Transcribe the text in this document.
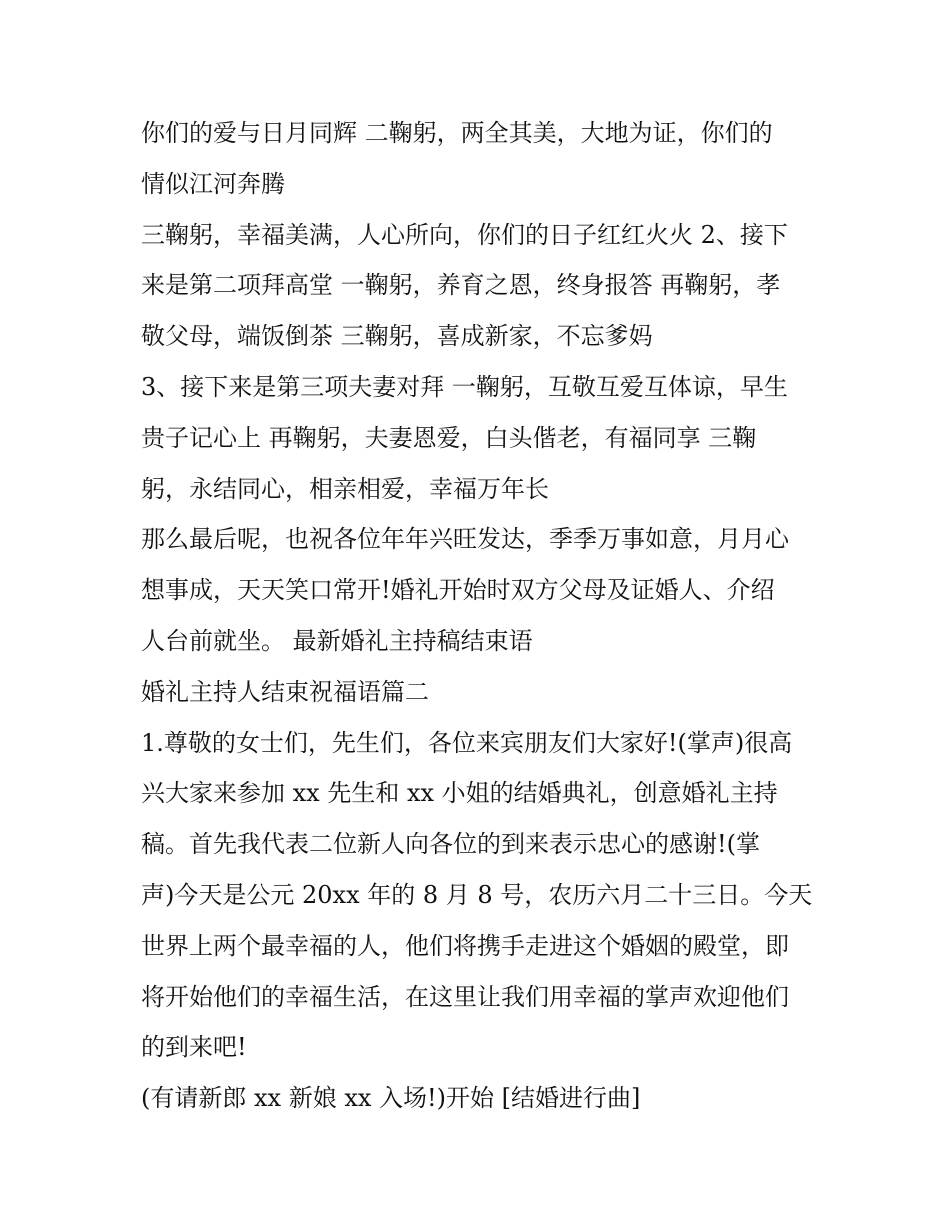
你们的爱与日月同辉 二鞠躬，两全其美，大地为证，你们的
情似江河奔腾
三鞠躬，幸福美满，人心所向，你们的日子红红火火 2、接下
来是第二项拜高堂 一鞠躬，养育之恩，终身报答 再鞠躬，孝
敬父母，端饭倒茶 三鞠躬，喜成新家，不忘爹妈
3、接下来是第三项夫妻对拜 一鞠躬，互敬互爱互体谅，早生
贵子记心上 再鞠躬，夫妻恩爱，白头偕老，有福同享 三鞠
躬，永结同心，相亲相爱，幸福万年长
那么最后呢，也祝各位年年兴旺发达，季季万事如意，月月心
想事成，天天笑口常开!婚礼开始时双方父母及证婚人、介绍
人台前就坐。 最新婚礼主持稿结束语
婚礼主持人结束祝福语篇二
1.尊敬的女士们，先生们，各位来宾朋友们大家好!(掌声)很高
兴大家来参加 xx 先生和 xx 小姐的结婚典礼，创意婚礼主持
稿。首先我代表二位新人向各位的到来表示忠心的感谢!(掌
声)今天是公元 20xx 年的 8 月 8 号，农历六月二十三日。今天
世界上两个最幸福的人，他们将携手走进这个婚姻的殿堂，即
将开始他们的幸福生活，在这里让我们用幸福的掌声欢迎他们
的到来吧!
(有请新郎 xx 新娘 xx 入场!)开始 [结婚进行曲]
